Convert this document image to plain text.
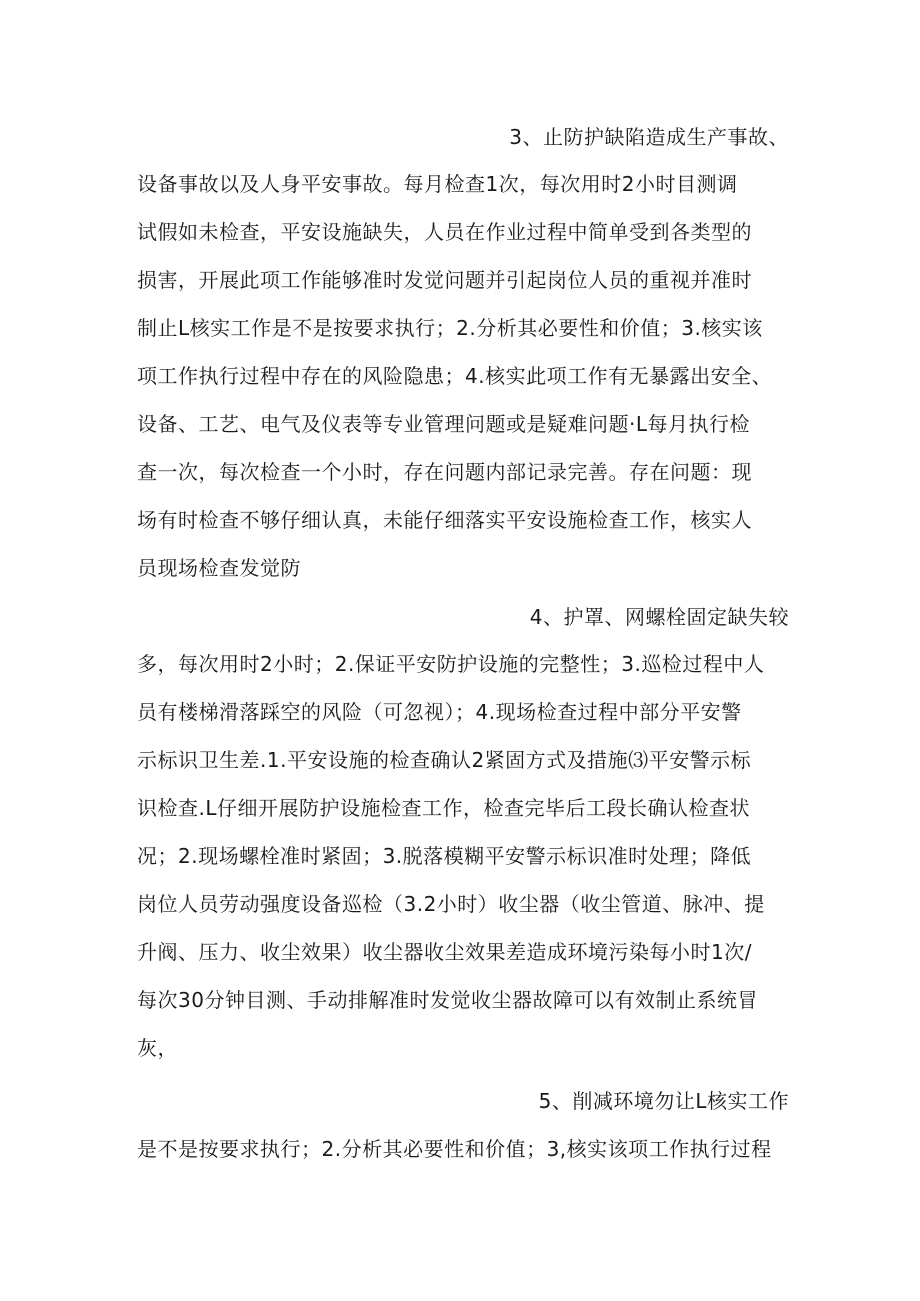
3、止防护缺陷造成生产事故、
设备事故以及人身平安事故。每月检查1次，每次用时2小时目测调
试假如未检查，平安设施缺失，人员在作业过程中简单受到各类型的
损害，开展此项工作能够准时发觉问题并引起岗位人员的重视并准时
制止L核实工作是不是按要求执行；2.分析其必要性和价值；3.核实该
项工作执行过程中存在的风险隐患；4.核实此项工作有无暴露出安全、
设备、工艺、电气及仪表等专业管理问题或是疑难问题·L每月执行检
查一次，每次检查一个小时，存在问题内部记录完善。存在问题：现
场有时检查不够仔细认真，未能仔细落实平安设施检查工作，核实人
员现场检查发觉防
4、护罩、网螺栓固定缺失较
多，每次用时2小时；2.保证平安防护设施的完整性；3.巡检过程中人
员有楼梯滑落踩空的风险（可忽视）；4.现场检查过程中部分平安警
示标识卫生差.1.平安设施的检查确认2紧固方式及措施⑶平安警示标
识检查.L仔细开展防护设施检查工作，检查完毕后工段长确认检查状
况；2.现场螺栓准时紧固；3.脱落模糊平安警示标识准时处理；降低
岗位人员劳动强度设备巡检（3.2小时）收尘器（收尘管道、脉冲、提
升阀、压力、收尘效果）收尘器收尘效果差造成环境污染每小时1次/
每次30分钟目测、手动排解准时发觉收尘器故障可以有效制止系统冒
灰，
5、削减环境勿让L核实工作
是不是按要求执行；2.分析其必要性和价值；3,核实该项工作执行过程
